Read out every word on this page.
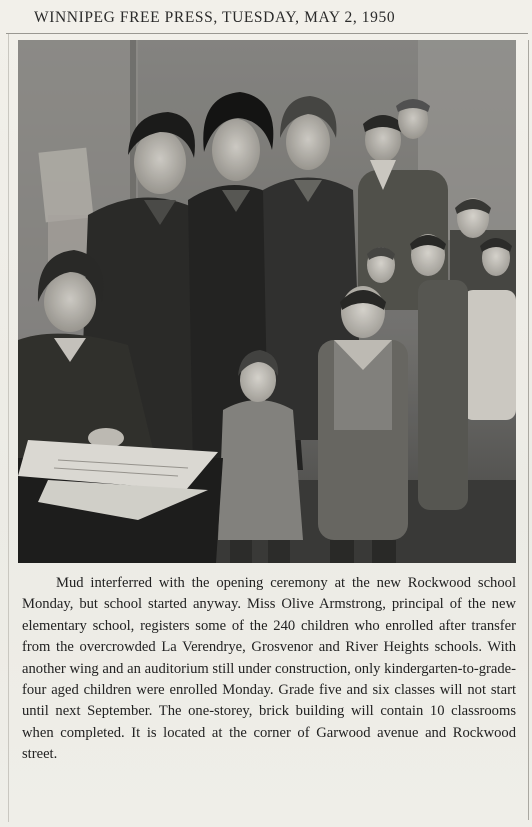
WINNIPEG FREE PRESS, TUESDAY, MAY 2, 1950
Mud interferred with the opening ceremony at the new Rockwood school Monday, but school started anyway. Miss Olive Armstrong, principal of the new elementary school, registers some of the 240 children who enrolled after transfer from the overcrowded La Verendrye, Grosvenor and River Heights schools. With another wing and an auditorium still under construction, only kindergarten-to-grade-four aged children were enrolled Monday. Grade five and six classes will not start until next September. The one-storey, brick building will contain 10 classrooms when completed. It is located at the corner of Garwood avenue and Rockwood street.
